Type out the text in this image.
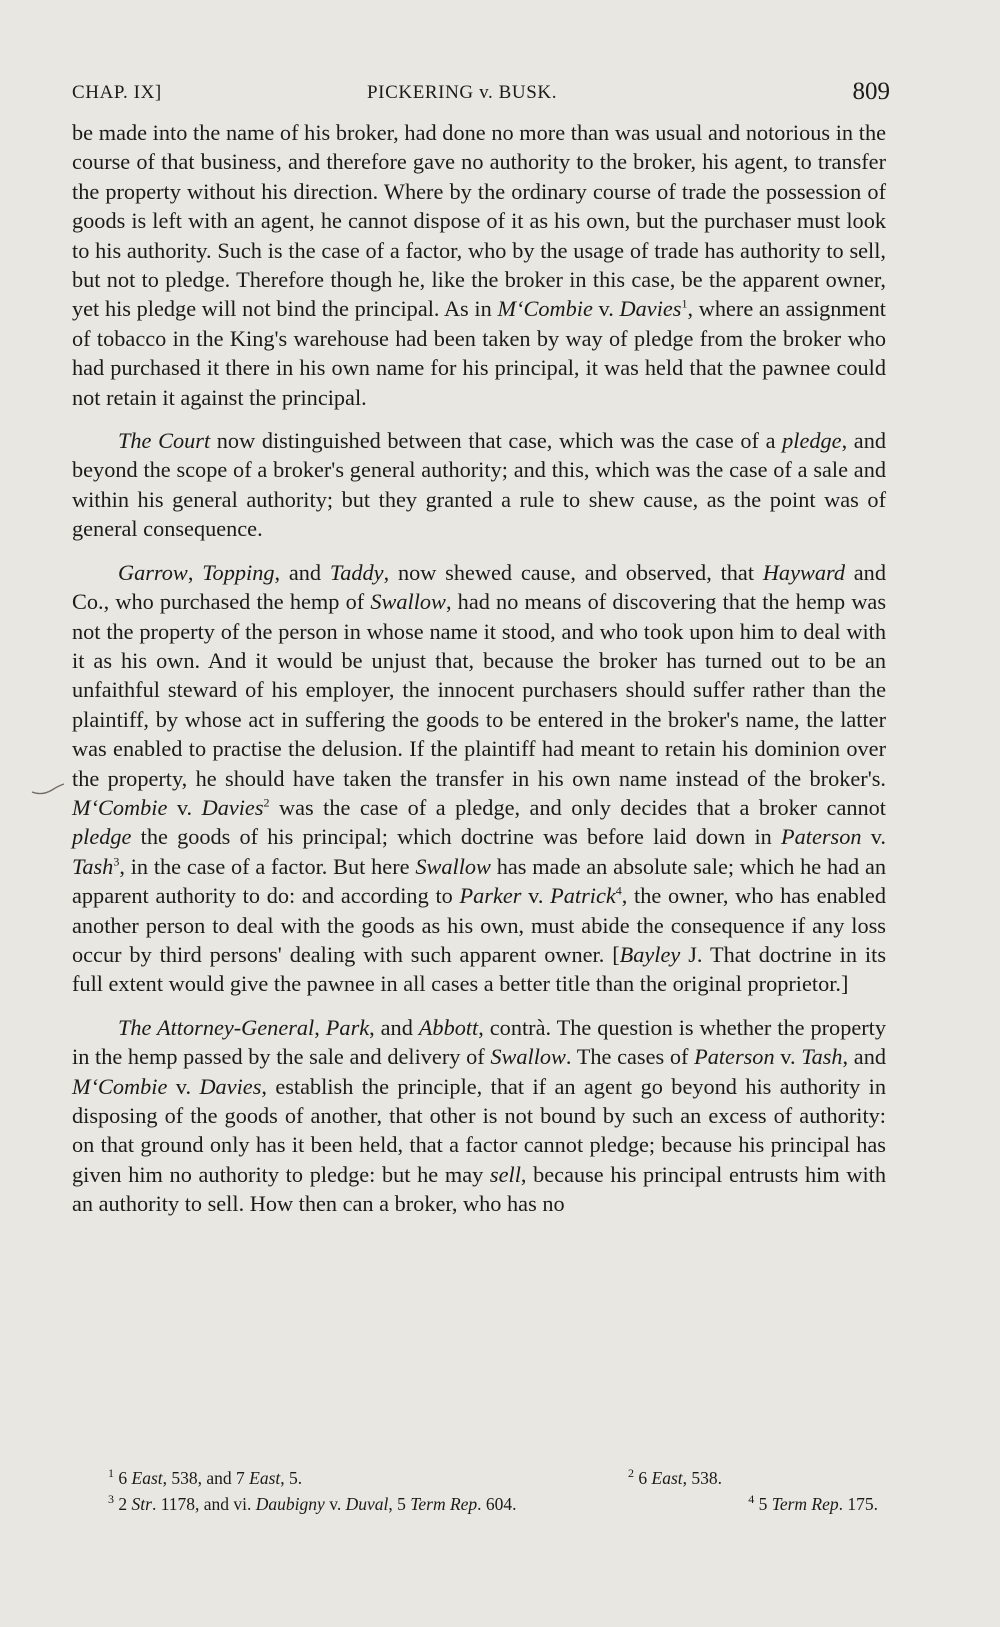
CHAP. IX]	PICKERING v. BUSK.	809

be made into the name of his broker, had done no more than was usual and notorious in the course of that business, and therefore gave no authority to the broker, his agent, to transfer the property without his direction. Where by the ordinary course of trade the possession of goods is left with an agent, he cannot dispose of it as his own, but the purchaser must look to his authority. Such is the case of a factor, who by the usage of trade has authority to sell, but not to pledge. Therefore though he, like the broker in this case, be the apparent owner, yet his pledge will not bind the principal. As in M‘Combie v. Davies$^1$, where an assignment of tobacco in the King's warehouse had been taken by way of pledge from the broker who had purchased it there in his own name for his principal, it was held that the pawnee could not retain it against the principal.

The Court now distinguished between that case, which was the case of a pledge, and beyond the scope of a broker's general authority; and this, which was the case of a sale and within his general authority; but they granted a rule to shew cause, as the point was of general consequence.

Garrow, Topping, and Taddy, now shewed cause, and observed, that Hayward and Co., who purchased the hemp of Swallow, had no means of discovering that the hemp was not the property of the person in whose name it stood, and who took upon him to deal with it as his own. And it would be unjust that, because the broker has turned out to be an unfaithful steward of his employer, the innocent purchasers should suffer rather than the plaintiff, by whose act in suffering the goods to be entered in the broker's name, the latter was enabled to practise the delusion. If the plaintiff had meant to retain his dominion over the property, he should have taken the transfer in his own name instead of the broker's. M‘Combie v. Davies$^2$ was the case of a pledge, and only decides that a broker cannot pledge the goods of his principal; which doctrine was before laid down in Paterson v. Tash$^3$, in the case of a factor. But here Swallow has made an absolute sale; which he had an apparent authority to do: and according to Parker v. Patrick$^4$, the owner, who has enabled another person to deal with the goods as his own, must abide the consequence if any loss occur by third persons' dealing with such apparent owner. [Bayley J. That doctrine in its full extent would give the pawnee in all cases a better title than the original proprietor.]

The Attorney-General, Park, and Abbott, contrà. The question is whether the property in the hemp passed by the sale and delivery of Swallow. The cases of Paterson v. Tash, and M‘Combie v. Davies, establish the principle, that if an agent go beyond his authority in disposing of the goods of another, that other is not bound by such an excess of authority: on that ground only has it been held, that a factor cannot pledge; because his principal has given him no authority to pledge: but he may sell, because his principal entrusts him with an authority to sell. How then can a broker, who has no

$^1$ 6 East, 538, and 7 East, 5.	$^2$ 6 East, 538.
$^3$ 2 Str. 1178, and vi. Daubigny v. Duval, 5 Term Rep. 604.	$^4$ 5 Term Rep. 175.
